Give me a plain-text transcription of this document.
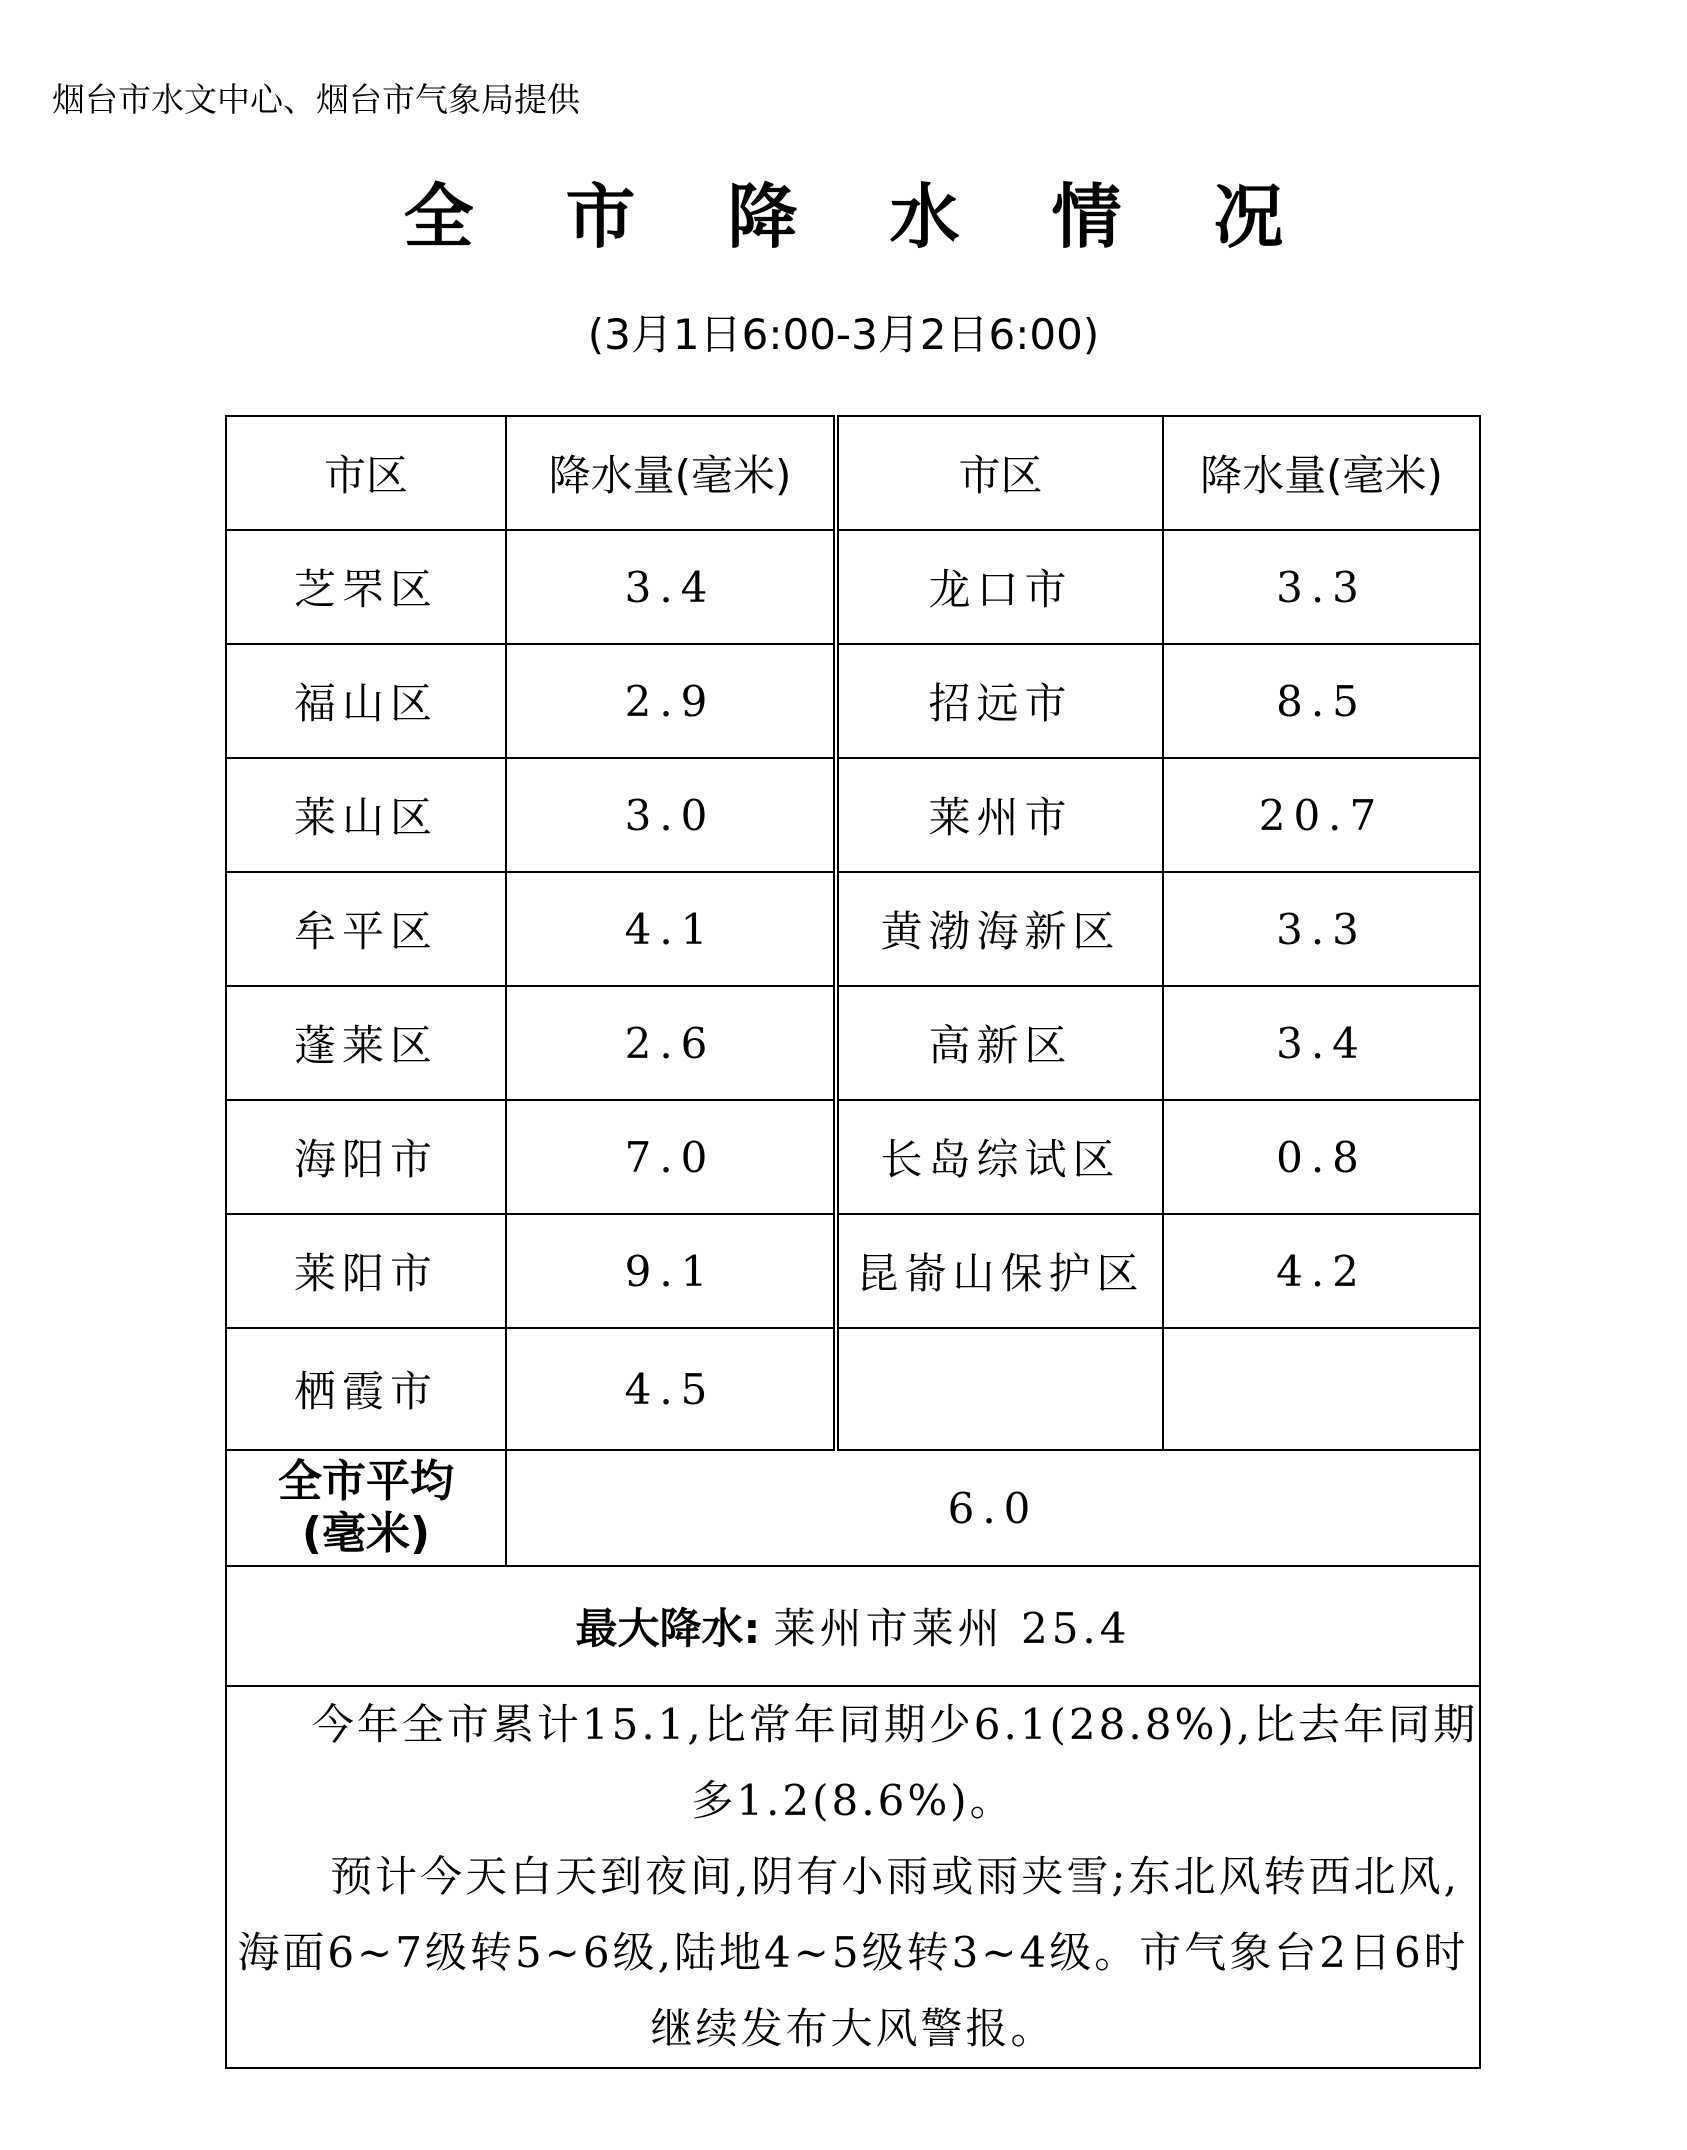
烟台市水文中心、烟台市气象局提供
全市降水情况
(3月1日6:00-3月2日6:00)
市区	降水量(毫米)	市区	降水量(毫米)
芝罘区	3.4	龙口市	3.3
福山区	2.9	招远市	8.5
莱山区	3.0	莱州市	20.7
牟平区	4.1	黄渤海新区	3.3
蓬莱区	2.6	高新区	3.4
海阳市	7.0	长岛综试区	0.8
莱阳市	9.1	昆嵛山保护区	4.2
栖霞市	4.5		

全市平均
(毫米)	6.0		
最大降水: 莱州市莱州 25.4			

今年全市累计15.1,比常年同期少6.1(28.8%),比去年同期多1.2(8.6%)。

预计今天白天到夜间,阴有小雨或雨夹雪;东北风转西北风,海面6~7级转5~6级,陆地4~5级转3~4级。市气象台2日6时继续发布大风警报。			
